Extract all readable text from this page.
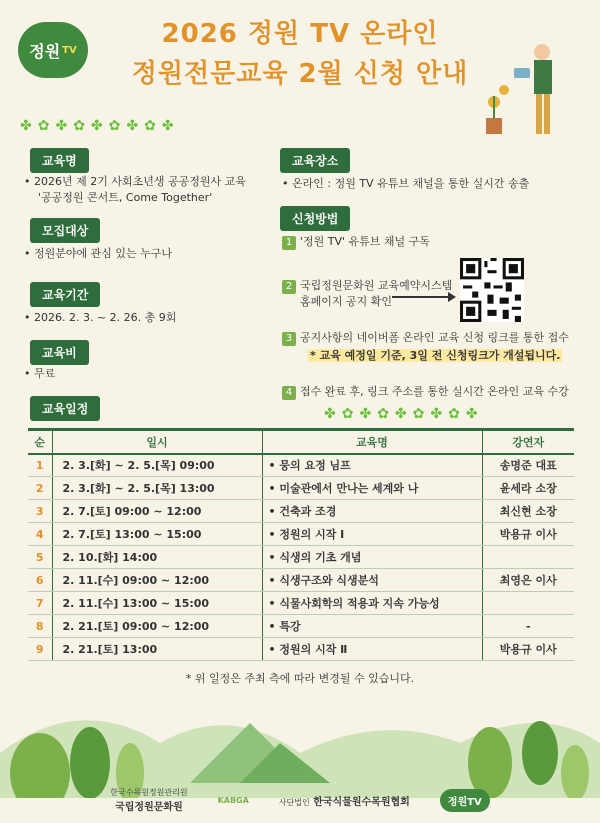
정원 TV
2026 정원 TV 온라인
정원전문교육 2월 신청 안내
✤✿✤✿✤✿✤✿✤
✤✿✤✿✤✿✤✿✤
교육명
• 2026년 제 2기 사회초년생 공공정원사 교육
'공공정원 콘서트, Come Together'
모집대상
• 정원분야에 관심 있는 누구나
교육기간
• 2026. 2. 3. ~ 2. 26. 총 9회
교육비
• 무료
교육일정
교육장소
• 온라인 : 정원 TV 유튜브 채널을 통한 실시간 송출
신청방법
1 '정원 TV' 유튜브 채널 구독
2 국립정원문화원 교육예약시스템
홈페이지 공지 확인
3 공지사항의 네이버폼 온라인 교육 신청 링크를 통한 접수
* 교육 예정일 기준, 3일 전 신청링크가 개설됩니다.
4 접수 완료 후, 링크 주소를 통한 실시간 온라인 교육 수강
순	일시	교육명	강연자
1	2. 3.[화] ~ 2. 5.[목] 09:00	• 뭉의 요정 님프	송명준 대표
2	2. 3.[화] ~ 2. 5.[목] 13:00	• 미술관에서 만나는 세계와 나	윤세라 소장
3	2. 7.[토] 09:00 ~ 12:00	• 건축과 조경	최신현 소장
4	2. 7.[토] 13:00 ~ 15:00	• 정원의 시작 Ⅰ	박용규 이사
5	2. 10.[화] 14:00	• 식생의 기초 개념	
6	2. 11.[수] 09:00 ~ 12:00	• 식생구조와 식생분석	최영은 이사
7	2. 11.[수] 13:00 ~ 15:00	• 식물사회학의 적용과 지속 가능성	
8	2. 21.[토] 09:00 ~ 12:00	• 특강	-
9	2. 21.[토] 13:00	• 정원의 시작 Ⅱ	박용규 이사
* 위 일정은 주최 측에 따라 변경될 수 있습니다.
한국수목원정원관리원
국립정원문화원
KABGA	사단법인 한국식물원수목원협회	정원TV
